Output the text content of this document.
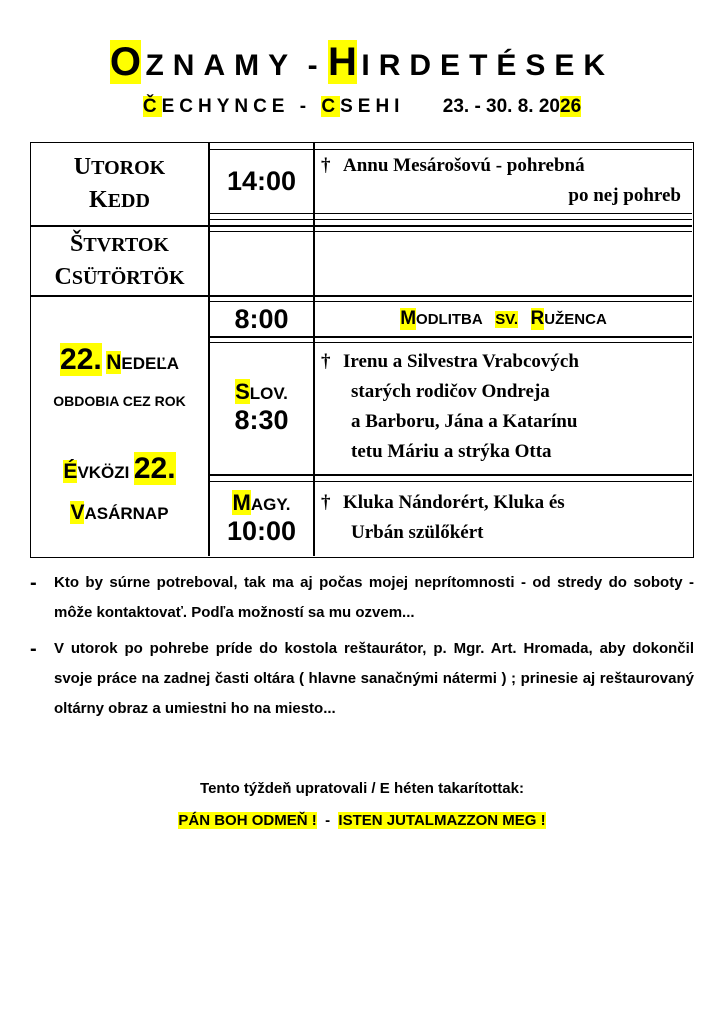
O ZNAMY - H IRDETÉSEK
ČECHYNCE - CSEHI 23. - 30. 8. 2026
UTOROK
KEDD
14:00
† Annu Mesárošovú - pohrebná
po nej pohreb
ŠTVRTOK
CSÜTÖRTÖK
22. NEDEĽA
OBDOBIA CEZ ROK
ÉVKÖZI 22.
VASÁRNAP
8:00	M ODLITBA
SV.
R UŽENCA
SLOV.
8:30
† Irenu a Silvestra Vrabcových
starých rodičov Ondreja
a Barboru, Jána a Katarínu
tetu Máriu a strýka Otta
MAGY.
10:00
† Kluka Nándorért, Kluka és
Urbán szülőkért
- Kto by súrne potreboval, tak ma aj počas mojej neprítomnosti - od stredy do soboty - môže kontaktovať. Podľa možností sa mu ozvem...
- V utorok po pohrebe príde do kostola reštaurátor, p. Mgr. Art. Hromada, aby dokončil svoje práce na zadnej časti oltára ( hlavne sanačnými nátermi ) ; prinesie aj reštaurovaný oltárny obraz a umiestni ho na miesto...
Tento týždeň upratovali / E héten takarítottak:
PÁN BOH ODMEŇ ! - ISTEN JUTALMAZZON MEG !
